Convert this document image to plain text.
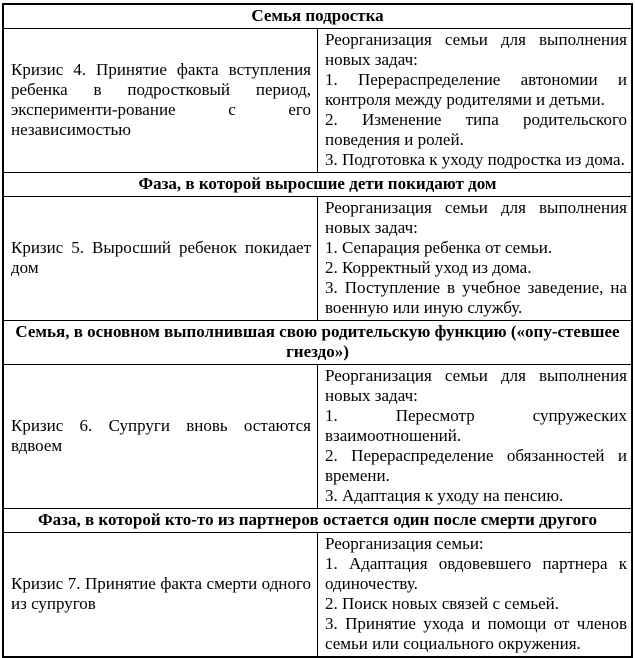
Семья подростка	
Кризис 4. Принятие факта вступления ребенка в подростковый период, эксперименти-рование с его независимостью	Реорганизация семьи для выполнения новых задач:
1. Перераспределение автономии и контроля между родителями и детьми.
2. Изменение типа родительского поведения и ролей.
3. Подготовка к уходу подростка из дома.

Фаза, в которой выросшие дети покидают дом	
Кризис 5. Выросший ребенок покидает дом	Реорганизация семьи для выполнения новых задач:
1. Сепарация ребенка от семьи.
2. Корректный уход из дома.
3. Поступление в учебное заведение, на военную или иную службу.

Семья, в основном выполнившая свою родительскую функцию («опу-стевшее гнездо»)	
Кризис 6. Супруги вновь остаются вдвоем	Реорганизация семьи для выполнения новых задач:
1. Пересмотр супружеских взаимоотношений.
2. Перераспределение обязанностей и времени.
3. Адаптация к уходу на пенсию.

Фаза, в которой кто-то из партнеров остается один после смерти другого	
Кризис 7. Принятие факта смерти одного из супругов	Реорганизация семьи:
1. Адаптация овдовевшего партнера к одиночеству.
2. Поиск новых связей с семьей.
3. Принятие ухода и помощи от членов семьи или социального окружения.
